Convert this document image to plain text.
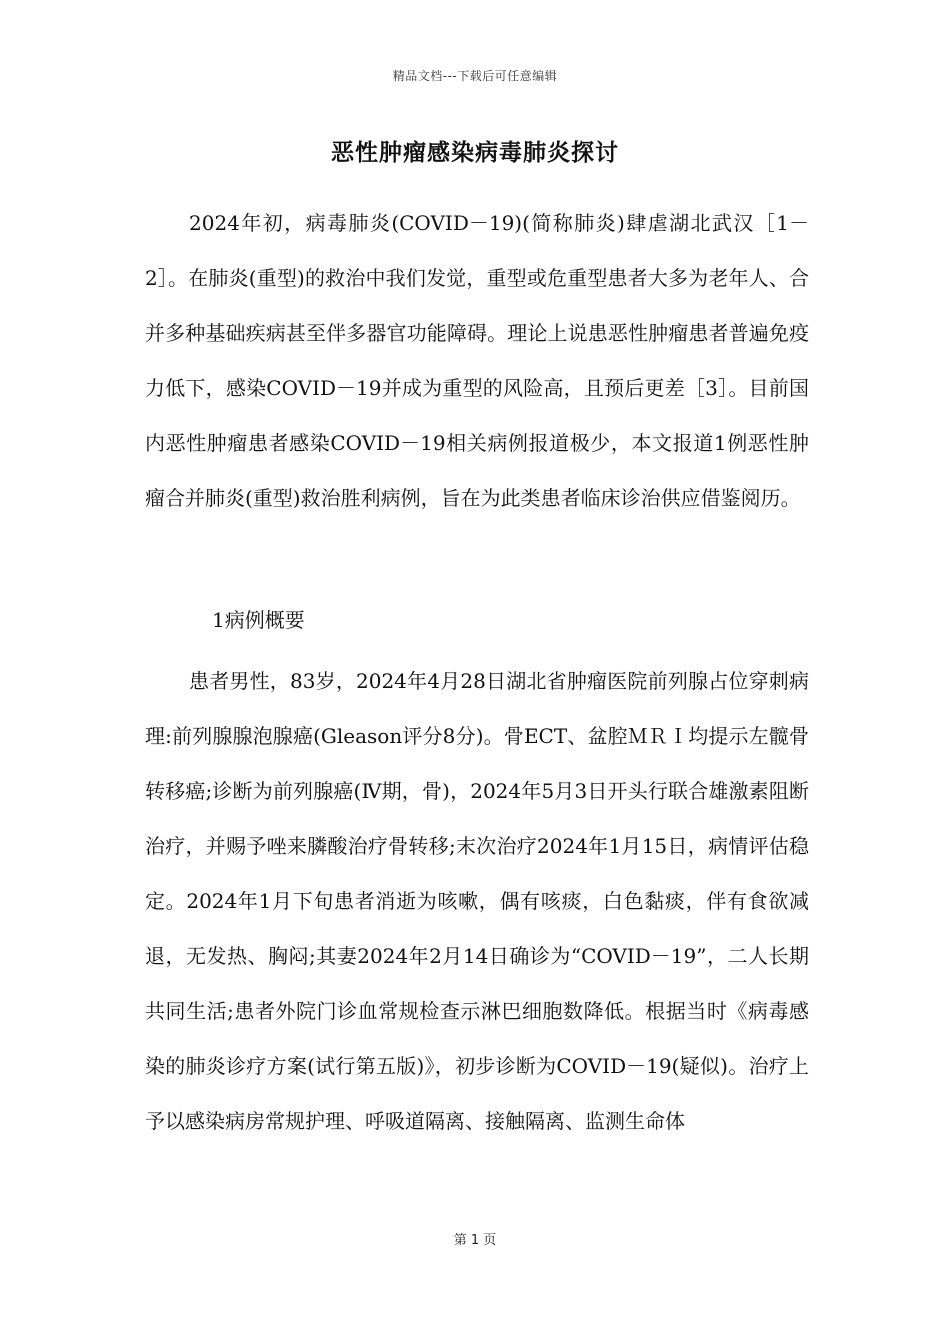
精品文档---下载后可任意编辑
恶性肿瘤感染病毒肺炎探讨

2024年初，病毒肺炎(COVID－19)(简称肺炎)肆虐湖北武汉［1－2］。在肺炎(重型)的救治中我们发觉，重型或危重型患者大多为老年人、合并多种基础疾病甚至伴多器官功能障碍。理论上说患恶性肿瘤患者普遍免疫力低下，感染COVID－19并成为重型的风险高，且预后更差［3］。目前国内恶性肿瘤患者感染COVID－19相关病例报道极少，本文报道1例恶性肿瘤合并肺炎(重型)救治胜利病例，旨在为此类患者临床诊治供应借鉴阅历。

1病例概要

患者男性，83岁，2024年4月28日湖北省肿瘤医院前列腺占位穿刺病理:前列腺腺泡腺癌(Gleason评分8分)。骨ECT、盆腔ＭＲＩ均提示左髋骨转移癌;诊断为前列腺癌(Ⅳ期，骨)，2024年5月3日开头行联合雄激素阻断治疗，并赐予唑来膦酸治疗骨转移;末次治疗2024年1月15日，病情评估稳定。2024年1月下旬患者消逝为咳嗽，偶有咳痰，白色黏痰，伴有食欲减退，无发热、胸闷;其妻2024年2月14日确诊为“COVID－19”，二人长期共同生活;患者外院门诊血常规检查示淋巴细胞数降低。根据当时《病毒感染的肺炎诊疗方案(试行第五版)》，初步诊断为COVID－19(疑似)。治疗上予以感染病房常规护理、呼吸道隔离、接触隔离、监测生命体

第 1 页
